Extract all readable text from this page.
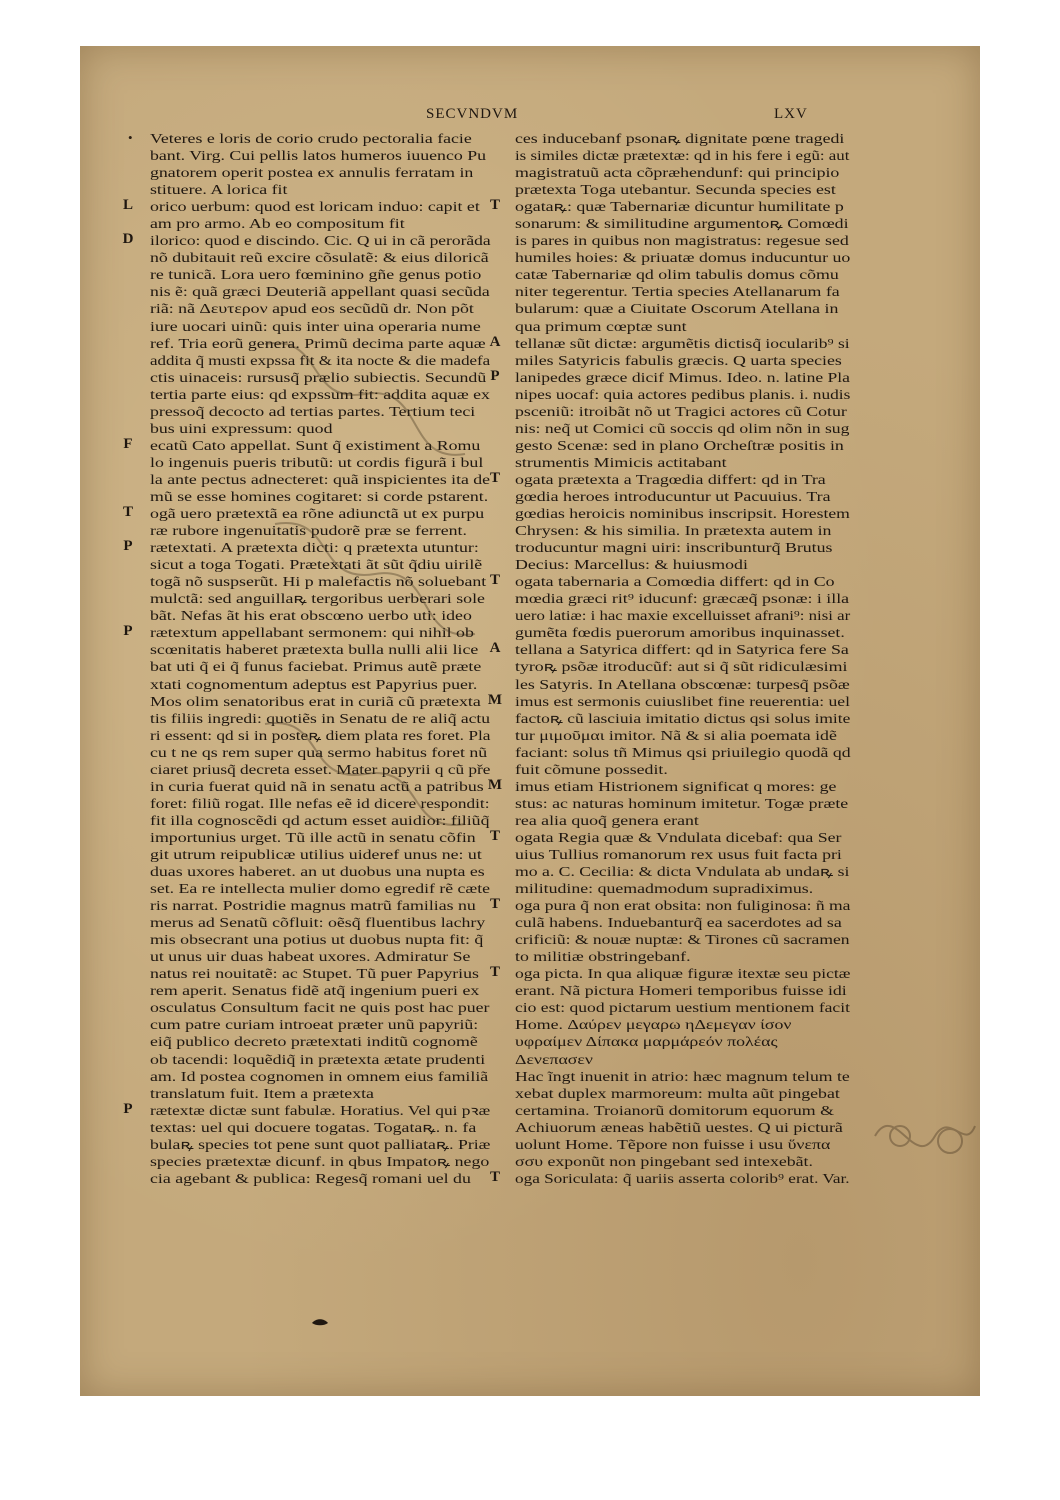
SECVNDVM	LXV
• Veteres e loris de corio crudo pectoralia facie
bant. Virg. Cui pellis latos humeros iuuenco Pu
gnatorem operit postea ex annulis ferratam in
stituere. A lorica fit
L orico uerbum: quod est loricam induo: capit et
am pro armo. Ab eo compositum fit
D ilorico: quod e discindo. Cic. Q ui in cã perorãda
nõ dubitauit reũ excire cõsulatẽ: & eius diloricã
re tunicã. Lora uero fœminino gñe genus potio
nis ẽ: quã græci Deuteriã appellant quasi secũda
riã: nã Δευτερον apud eos secũdũ dr. Non põt
iure uocari uinũ: quis inter uina operaria nume
ref. Tria eorũ genera. Primũ decima parte aquæ
addita q̃ musti expssa fit & ita nocte & die madefa
ctis uinaceis: rursusq̃ prælio subiectis. Secundũ
tertia parte eius: qd expssum fit: addita aquæ ex
pressoq̃ decocto ad tertias partes. Tertium teci
bus uini expressum: quod
F ecatũ Cato appellat. Sunt q̃ existiment a Romu
lo ingenuis pueris tributũ: ut cordis figurã i bul
la ante pectus adnecteret: quã inspicientes ita de
mũ se esse homines cogitaret: si corde pstarent.
T ogã uero prætextã ea rõne adiunctã ut ex purpu
ræ rubore ingenuitatis pudorẽ præ se ferrent.
P rætextati. A prætexta dicti: q prætexta utuntur:
sicut a toga Togati. Prætextati ãt sũt q̃diu uirilẽ
togã nõ suspserũt. Hi p malefactis nõ soluebant
mulctã: sed anguillaꝶ tergoribus uerberari sole
bãt. Nefas ãt his erat obscœno uerbo uti: ideo
P rætextum appellabant sermonem: qui nihil ob
scœnitatis haberet prætexta bulla nulli alii lice
bat uti q̃ ei q̃ funus faciebat. Primus autẽ præte
xtati cognomentum adeptus est Papyrius puer.
Mos olim senatoribus erat in curiã cũ prætexta
tis filiis ingredi: quotiẽs in Senatu de re aliq̃ actu
ri essent: qd si in posteꝶ diem plata res foret. Pla
cu t ne qs rem super qua sermo habitus foret nũ
ciaret priusq̃ decreta esset. Mater papyrii q cũ pře
in curia fuerat quid nã in senatu actũ a patribus
foret: filiũ rogat. Ille nefas eẽ id dicere respondit:
fit illa cognoscẽdi qd actum esset auidior: filiũq̃
importunius urget. Tũ ille actũ in senatu cõfin
git utrum reipublicæ utilius uideref unus ne: ut
duas uxores haberet. an ut duobus una nupta es
set. Ea re intellecta mulier domo egredif rẽ cæte
ris narrat. Postridie magnus matrũ familias nu
merus ad Senatũ cõfluit: oẽsq̃ fluentibus lachry
mis obsecrant una potius ut duobus nupta fit: q̃
ut unus uir duas habeat uxores. Admiratur Se
natus rei nouitatẽ: ac Stupet. Tũ puer Papyrius
rem aperit. Senatus fidẽ atq̃ ingenium pueri ex
osculatus Consultum facit ne quis post hac puer
cum patre curiam introeat præter unũ papyriũ:
eiq̃ publico decreto prætextati inditũ cognomẽ
ob tacendi: loquẽdiq̃ in prætexta ætate prudenti
am. Id postea cognomen in omnem eius familiã
translatum fuit. Item a prætexta
P rætextæ dictæ sunt fabulæ. Horatius. Vel qui pꝛæ
textas: uel qui docuere togatas. Togataꝶ. n. fa
bulaꝶ species tot pene sunt quot palliataꝶ. Priæ
species prætextæ dicunf. in qbus Impatoꝶ nego
cia agebant & publica: Regesq̃ romani uel du
ces inducebanf psonaꝶ dignitate pœne tragedi
is similes dictæ prætextæ: qd in his fere i egũ: aut
magistratuũ acta cõpræhendunf: qui principio
prætexta Toga utebantur. Secunda species est
T ogataꝶ: quæ Tabernariæ dicuntur humilitate p
sonarum: & similitudine argumentoꝶ Comœdi
is pares in quibus non magistratus: regesue sed
humiles hoies: & priuatæ domus inducuntur uo
catæ Tabernariæ qd olim tabulis domus cõmu
niter tegerentur. Tertia species Atellanarum fa
bularum: quæ a Ciuitate Oscorum Atellana in
qua primum cœptæ sunt
A tellanæ sũt dictæ: argumẽtis dictisq̃ iocularib⁹ si
miles Satyricis fabulis græcis. Q uarta species
P lanipedes græce dicif Mimus. Ideo. n. latine Pla
nipes uocaf: quia actores pedibus planis. i. nudis
psceniũ: itroibãt nõ ut Tragici actores cũ Cotur
nis: neq̃ ut Comici cũ soccis qd olim nõn in sug
gesto Scenæ: sed in plano Orcheſtræ positis in
strumentis Mimicis actitabant
T ogata prætexta a Tragœdia differt: qd in Tra
gœdia heroes introducuntur ut Pacuuius. Tra
gœdias heroicis nominibus inscripsit. Horestem
Chrysen: & his similia. In prætexta autem in
troducuntur magni uiri: inscribunturq̃ Brutus
Decius: Marcellus: & huiusmodi
T ogata tabernaria a Comœdia differt: qd in Co
mœdia græci rit⁹ iducunf: græcæq̃ psonæ: i illa
uero latiæ: i hac maxie excelluisset afrani⁹: nisi ar
gumẽta fœdis puerorum amoribus inquinasset.
A tellana a Satyrica differt: qd in Satyrica fere Sa
tyroꝶ psõæ itroducũf: aut si q̃ sũt ridiculæsimi
les Satyris. In Atellana obscœnæ: turpesq̃ psõæ
M imus est sermonis cuiuslibet fine reuerentia: uel
factoꝶ cũ lasciuia imitatio dictus qsi solus imite
tur μιμοῦμαι imitor. Nã & si alia poemata idẽ
faciant: solus tñ Mimus qsi priuilegio quodã qd
fuit cõmune possedit.
M imus etiam Histrionem significat q mores: ge
stus: ac naturas hominum imitetur. Togæ præte
rea alia quoq̃ genera erant
T ogata Regia quæ & Vndulata dicebaf: qua Ser
uius Tullius romanorum rex usus fuit facta pri
mo a. C. Cecilia: & dicta Vndulata ab undaꝶ si
militudine: quemadmodum supradiximus.
T oga pura q̃ non erat obsita: non fuliginosa: ñ ma
culã habens. Induebanturq̃ ea sacerdotes ad sa
crificiũ: & nouæ nuptæ: & Tirones cũ sacramen
to militiæ obstringebanf.
T oga picta. In qua aliquæ figuræ itextæ seu pictæ
erant. Nã pictura Homeri temporibus fuisse idi
cio est: quod pictarum uestium mentionem facit
Home. Δαύρεν μεγαρω ηΔεμεγαν ίσον
υφραίμεν Δίπακα μαρμάρεόν πολέας
Δενεπασεν
Hac ĩngt inuenit in atrio: hæc magnum telum te
xebat duplex marmoreum: multa aũt pingebat
certamina. Troianorũ domitorum equorum &
Achiuorum æneas habẽtiũ uestes. Q ui picturã
uolunt Home. Tẽpore non fuisse i usu ὕνεπα
σσυ exponũt non pingebant sed intexebãt.
T oga Soriculata: q̃ uariis asserta colorib⁹ erat. Var.
